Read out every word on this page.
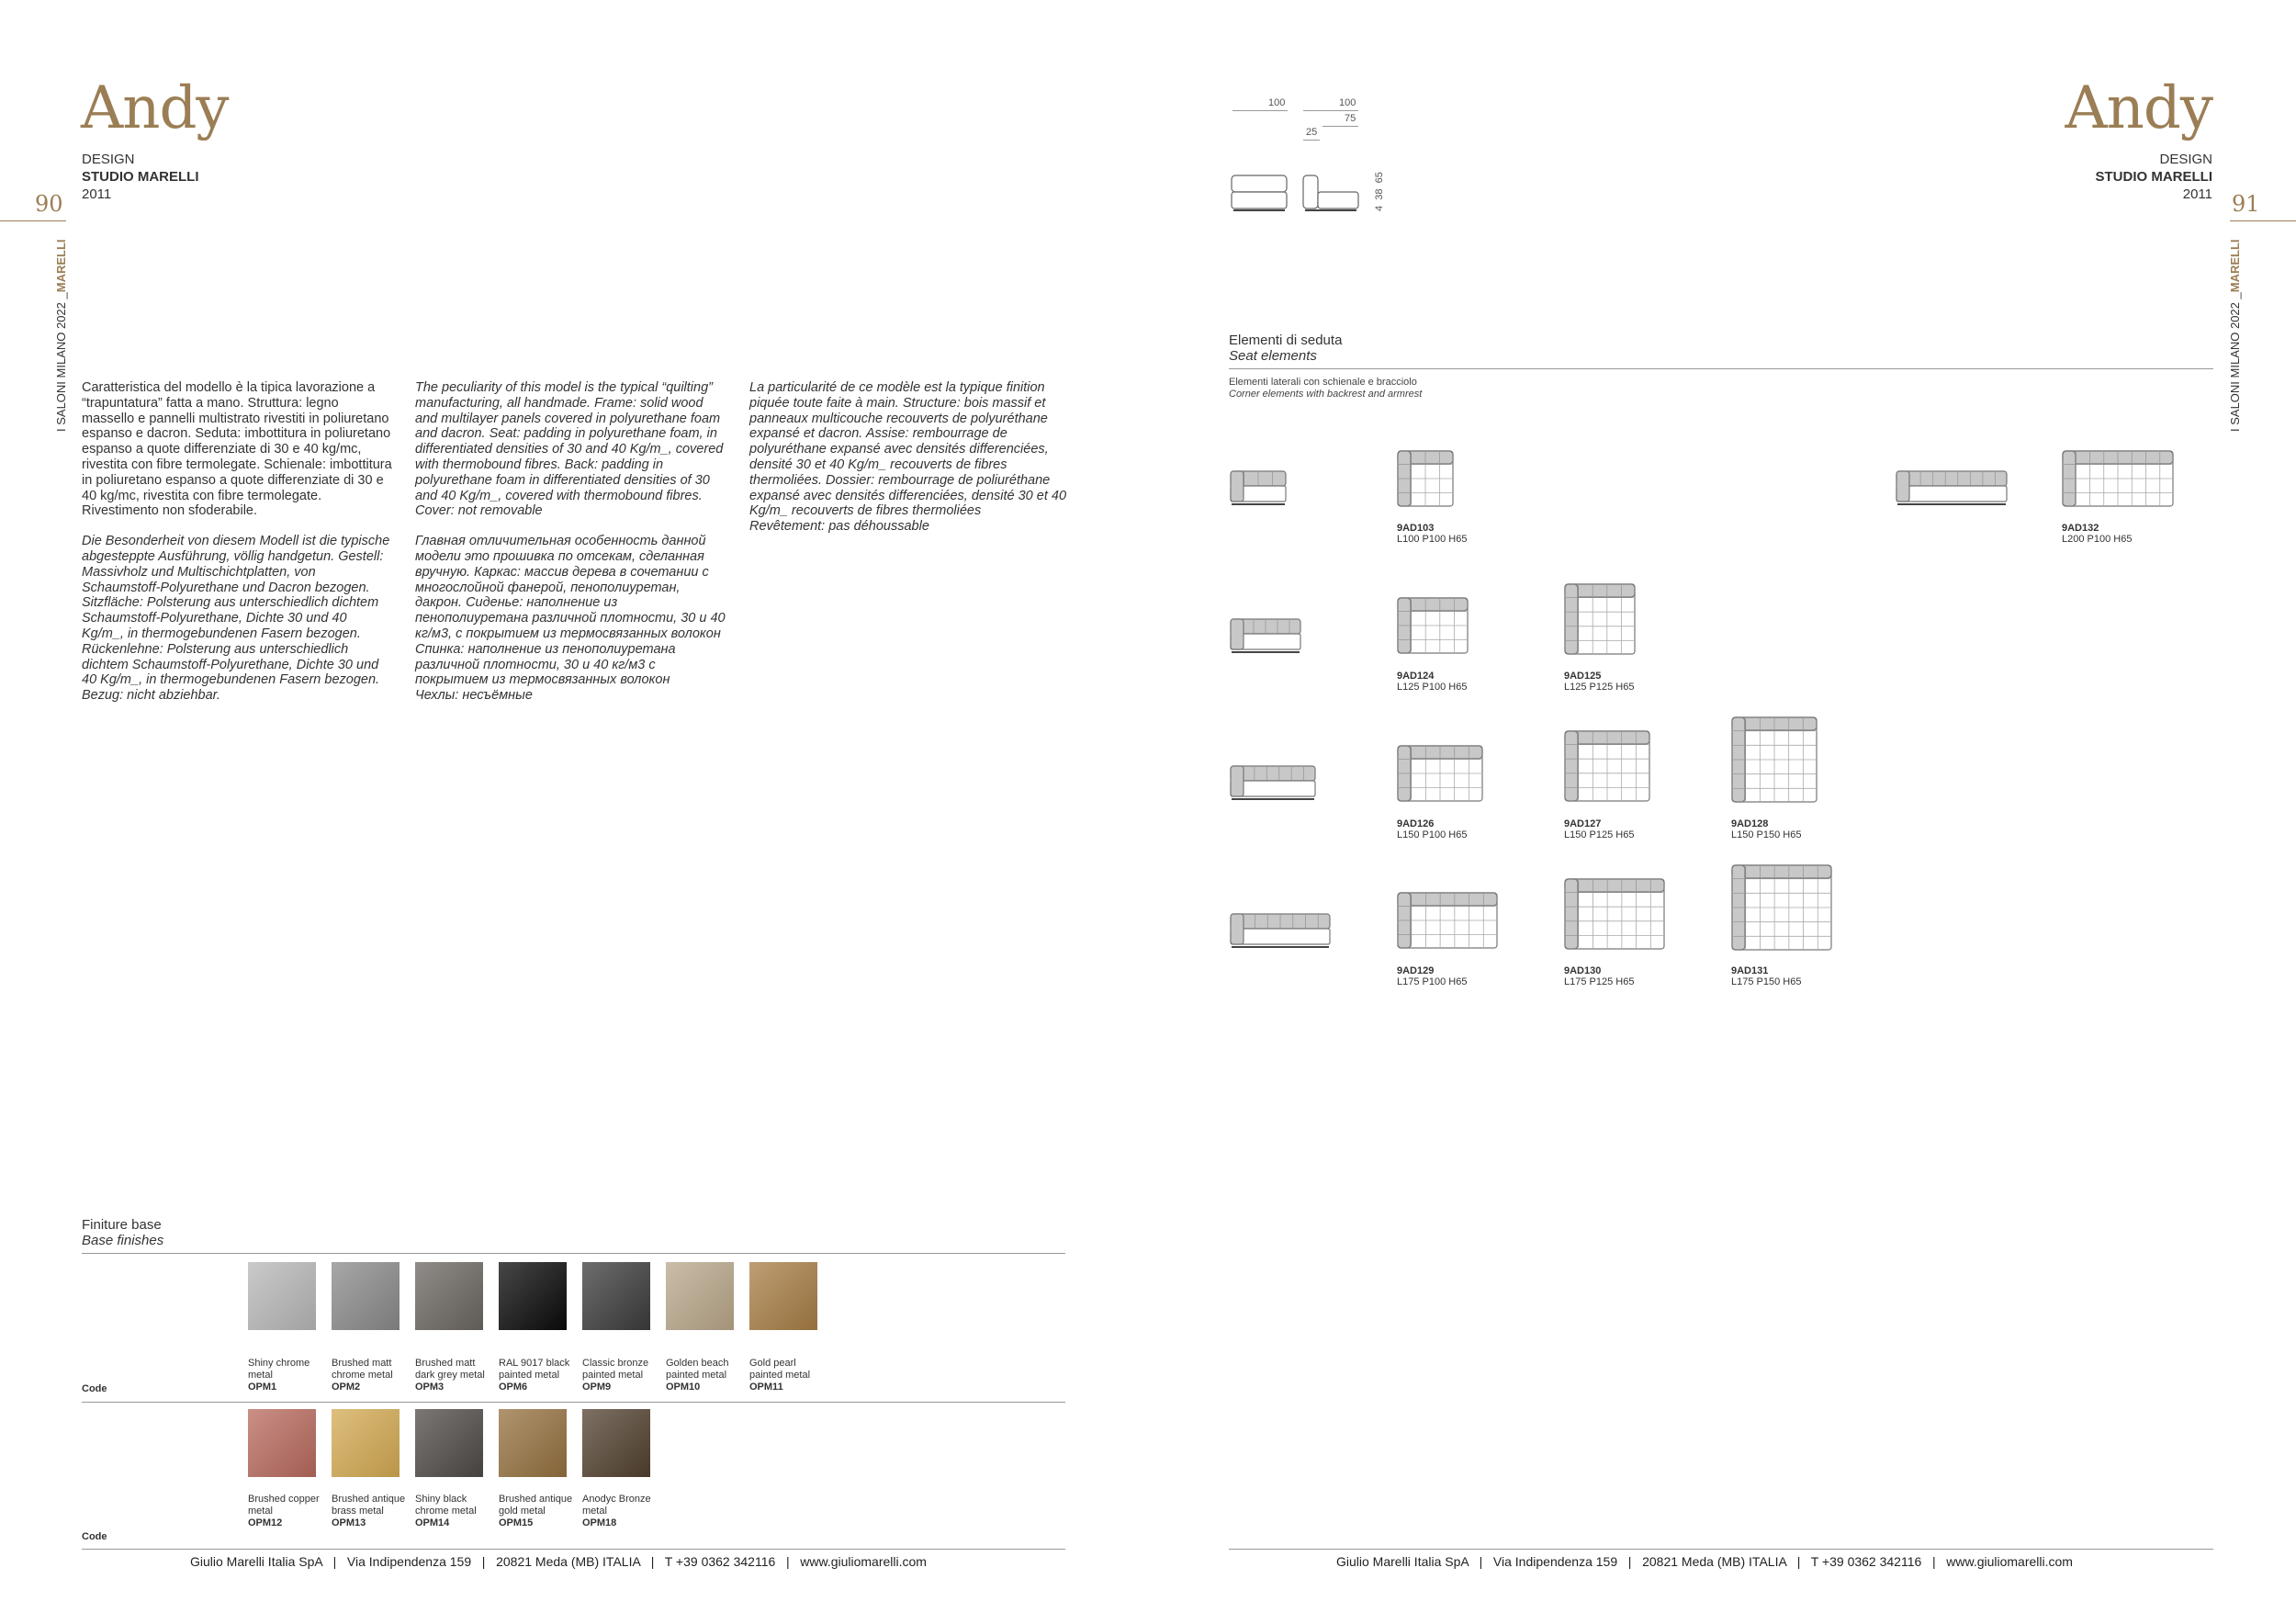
Andy
DESIGN
STUDIO MARELLI
2011
90
I SALONI MILANO 2022 _MARELLI

Caratteristica del modello è la tipica lavorazione a “trapuntatura” fatta a mano. Struttura: legno massello e pannelli multistrato rivestiti in poliuretano espanso e dacron. Seduta: imbottitura in poliuretano espanso a quote differenziate di 30 e 40 kg/mc, rivestita con fibre termolegate. Schienale: imbottitura in poliuretano espanso a quote differenziate di 30 e 40 kg/mc, rivestita con fibre termolegate.
Rivestimento non sfoderabile.

Die Besonderheit von diesem Modell ist die typische abgesteppte Ausführung, völlig handgetun. Gestell: Massivholz und Multischichtplatten, von Schaumstoff-Polyurethane und Dacron bezogen. Sitzfläche: Polsterung aus unterschiedlich dichtem Schaumstoff-Polyurethane, Dichte 30 und 40 Kg/m_, in thermogebundenen Fasern bezogen. Rückenlehne: Polsterung aus unterschiedlich dichtem Schaumstoff-Polyurethane, Dichte 30 und 40 Kg/m_, in thermogebundenen Fasern bezogen.
Bezug: nicht abziehbar.

The peculiarity of this model is the typical “quilting” manufacturing, all handmade. Frame: solid wood and multilayer panels covered in polyurethane foam and dacron. Seat: padding in polyurethane foam, in differentiated densities of 30 and 40 Kg/m_, covered with thermobound fibres. Back: padding in polyurethane foam in differentiated densities of 30 and 40 Kg/m_, covered with thermobound fibres.
Cover: not removable

Главная отличительная особенность данной модели это прошивка по отсекам, сделанная вручную. Каркас: массив дерева в сочетании с многослойной фанерой, пенополиуретан, дакрон. Сиденье: наполнение из пенополиуретана различной плотности, 30 и 40 кг/м3, с покрытием из термосвязанных волокон Спинка: наполнение из пенополиуретана различной плотности, 30 и 40 кг/м3 с покрытием из термосвязанных волокон
Чехлы: несъёмные

La particularité de ce modèle est la typique finition piquée toute faite à main. Structure: bois massif et panneaux multicouche recouverts de polyuréthane expansé et dacron. Assise: rembourrage de polyuréthane expansé avec densités differenciées, densité 30 et 40 Kg/m_ recouverts de fibres thermoliées. Dossier: rembourrage de poliuréthane expansé avec densités differenciées, densité 30 et 40 Kg/m_ recouverts de fibres thermoliées
Revêtement: pas déhoussable

Finiture base
Base finishes
Shiny chrome metal
OPM1
Brushed matt chrome metal
OPM2
Brushed matt dark grey metal
OPM3
RAL 9017 black painted metal
OPM6
Classic bronze painted metal
OPM9
Golden beach painted metal
OPM10
Gold pearl painted metal
OPM11
Code
Brushed copper metal
OPM12
Brushed antique brass metal
OPM13
Shiny black chrome metal
OPM14
Brushed antique gold metal
OPM15
Anodyc Bronze metal
OPM18
Code
Giulio Marelli Italia SpA   |   Via Indipendenza 159   |   20821 Meda (MB) ITALIA   |   T +39 0362 342116   |   www.giuliomarelli.com
Andy
DESIGN
STUDIO MARELLI
2011 91
I SALONI MILANO 2022 _MARELLI
100	100
75
25
4  38  65
Elementi di seduta
Seat elements
Elementi laterali con schienale e bracciolo
Corner elements with backrest and armrest
9AD103
L100 P100 H65
9AD132
L200 P100 H65
9AD124
L125 P100 H65
9AD125
L125 P125 H65
9AD126
L150 P100 H65
9AD127
L150 P125 H65
9AD128
L150 P150 H65
9AD129
L175 P100 H65
9AD130
L175 P125 H65
9AD131
L175 P150 H65
Giulio Marelli Italia SpA   |   Via Indipendenza 159   |   20821 Meda (MB) ITALIA   |   T +39 0362 342116   |   www.giuliomarelli.com
